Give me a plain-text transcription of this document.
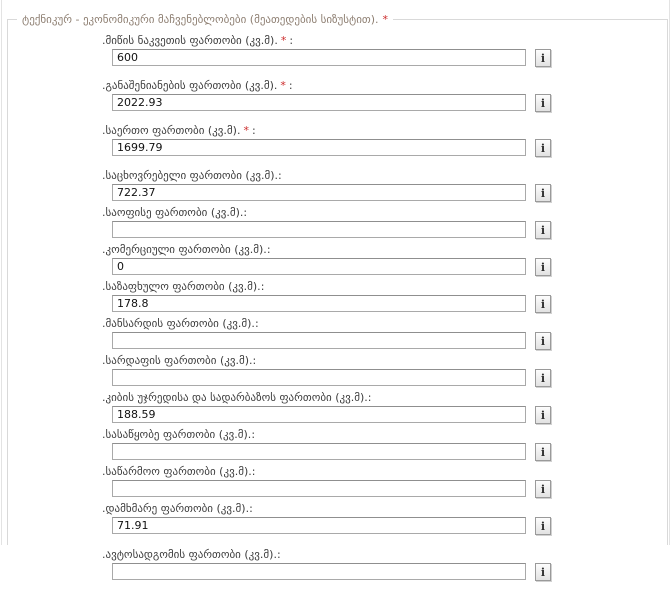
ტექნიკურ - ეკონომიკური მაჩვენებლობები (მეათედების სიზუსტით). *
.მიწის ნაკვეთის ფართობი (კვ.მ). * :
600
i
.განაშენიანების ფართობი (კვ.მ). * :
2022.93
i
.საერთო ფართობი (კვ.მ). * :
1699.79
i
.საცხოვრებელი ფართობი (კვ.მ).:
722.37
i
.საოფისე ფართობი (კვ.მ).:
i
.კომერციული ფართობი (კვ.მ).:
0
i
.საზაფხულო ფართობი (კვ.მ).:
178.8
i
.მანსარდის ფართობი (კვ.მ).:
i
.სარდაფის ფართობი (კვ.მ).:
i
.კიბის უჯრედისა და სადარბაზოს ფართობი (კვ.მ).:
188.59
i
.სასაწყობე ფართობი (კვ.მ).:
i
.საწარმოო ფართობი (კვ.მ).:
i
.დამხმარე ფართობი (კვ.მ).:
71.91
i
.ავტოსადგომის ფართობი (კვ.მ).:
i
